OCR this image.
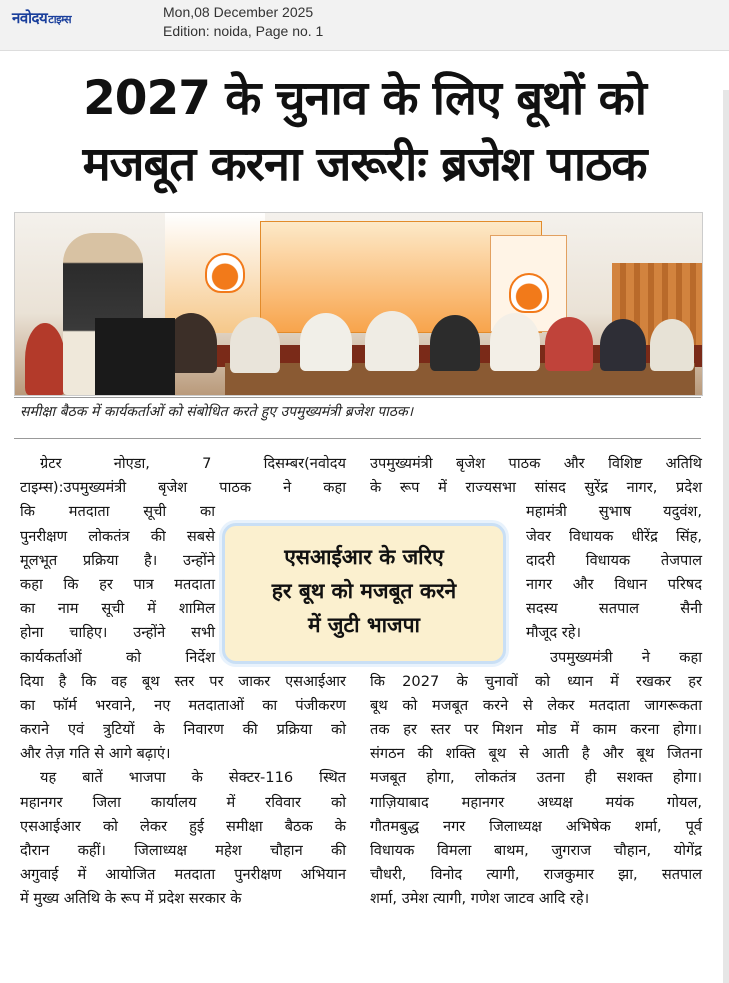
नवोदयटाइम्स	Mon,08 December 2025
Edition: noida, Page no. 1
2027 के चुनाव के लिए बूथों को
मजबूत करना जरूरीः ब्रजेश पाठक
समीक्षा बैठक में कार्यकर्ताओं को संबोधित करते हुए उपमुख्यमंत्री ब्रजेश पाठक।
ग्रेटर नोएडा, 7 दिसम्बर(नवोदय
टाइम्स):उपमुख्यमंत्री बृजेश पाठक ने कहा
कि मतदाता सूची का
पुनरीक्षण लोकतंत्र की सबसे
मूलभूत प्रक्रिया है। उन्होंने
कहा कि हर पात्र मतदाता
का नाम सूची में शामिल
होना चाहिए। उन्होंने सभी
कार्यकर्ताओं को निर्देश
दिया है कि वह बूथ स्तर पर जाकर एसआईआर
का फॉर्म भरवाने, नए मतदाताओं का पंजीकरण
कराने एवं त्रुटियों के निवारण की प्रक्रिया को
और तेज़ गति से आगे बढ़ाएं।
यह बातें भाजपा के सेक्टर-116 स्थित
महानगर जिला कार्यालय में रविवार को
एसआईआर को लेकर हुई समीक्षा बैठक के
दौरान कहीं। जिलाध्यक्ष महेश चौहान की
अगुवाई में आयोजित मतदाता पुनरीक्षण अभियान
में मुख्य अतिथि के रूप में प्रदेश सरकार के
उपमुख्यमंत्री बृजेश पाठक और विशिष्ट अतिथि
के रूप में राज्यसभा सांसद सुरेंद्र नागर, प्रदेश
महामंत्री सुभाष यदुवंश,
जेवर विधायक धीरेंद्र सिंह,
दादरी विधायक तेजपाल
नागर और विधान परिषद
सदस्य सतपाल सैनी
मौजूद रहे।
उपमुख्यमंत्री ने कहा
कि 2027 के चुनावों को ध्यान में रखकर हर
बूथ को मजबूत करने से लेकर मतदाता जागरूकता
तक हर स्तर पर मिशन मोड में काम करना होगा।
संगठन की शक्ति बूथ से आती है और बूथ जितना
मजबूत होगा, लोकतंत्र उतना ही सशक्त होगा।
गाज़ियाबाद महानगर अध्यक्ष मयंक गोयल,
गौतमबुद्ध नगर जिलाध्यक्ष अभिषेक शर्मा, पूर्व
विधायक विमला बाथम, जुगराज चौहान, योगेंद्र
चौधरी, विनोद त्यागी, राजकुमार झा, सतपाल
शर्मा, उमेश त्यागी, गणेश जाटव आदि रहे।
एसआईआर के जरिए
हर बूथ को मजबूत करने
में जुटी भाजपा
